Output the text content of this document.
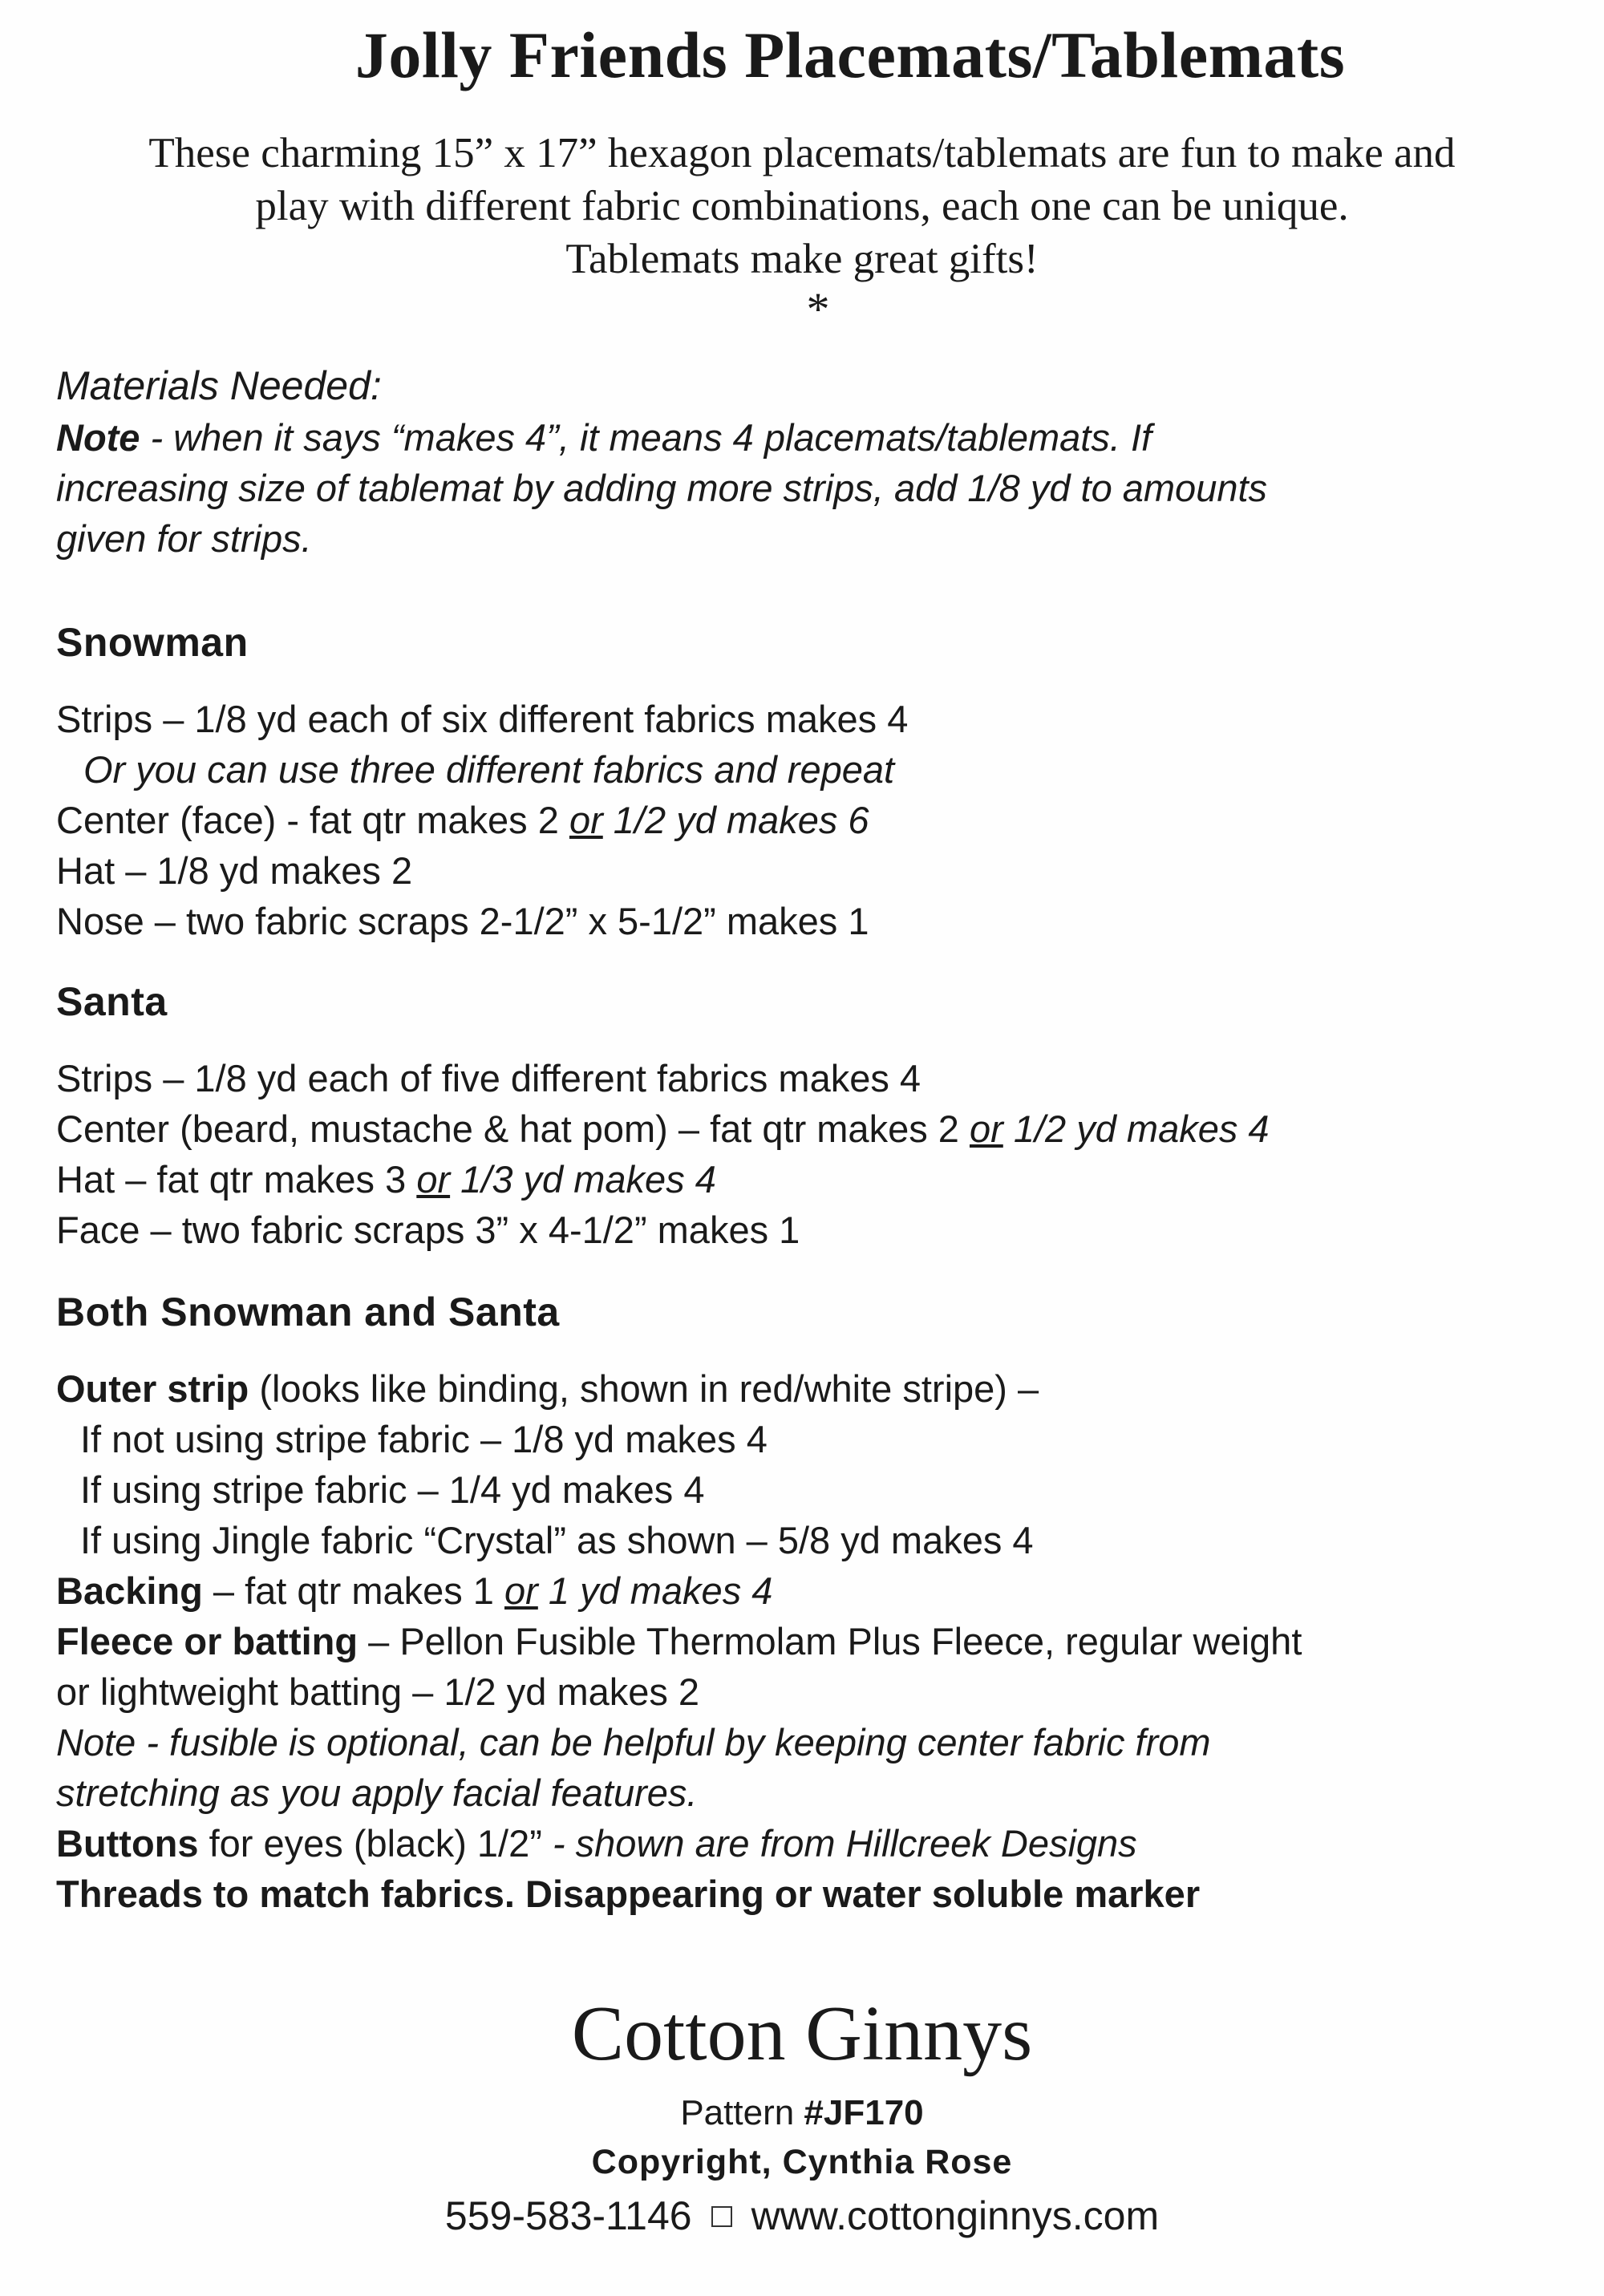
Jolly Friends Placemats/Tablemats
These charming 15” x 17” hexagon placemats/tablemats are fun to make and
play with different fabric combinations, each one can be unique.
Tablemats make great gifts!
*
Materials Needed:
Note - when it says “makes 4”, it means 4 placemats/tablemats. If
increasing size of tablemat by adding more strips, add 1/8 yd to amounts
given for strips.
Snowman
Strips – 1/8 yd each of six different fabrics makes 4
Or you can use three different fabrics and repeat
Center (face) - fat qtr makes 2 or 1/2 yd makes 6
Hat – 1/8 yd makes 2
Nose – two fabric scraps 2-1/2” x 5-1/2” makes 1
Santa
Strips – 1/8 yd each of five different fabrics makes 4
Center (beard, mustache & hat pom) – fat qtr makes 2 or 1/2 yd makes 4
Hat – fat qtr makes 3 or 1/3 yd makes 4
Face – two fabric scraps 3” x 4-1/2” makes 1
Both Snowman and Santa
Outer strip (looks like binding, shown in red/white stripe) –
If not using stripe fabric – 1/8 yd makes 4
If using stripe fabric – 1/4 yd makes 4
If using Jingle fabric “Crystal” as shown – 5/8 yd makes 4
Backing – fat qtr makes 1 or 1 yd makes 4
Fleece or batting – Pellon Fusible Thermolam Plus Fleece, regular weight
or lightweight batting – 1/2 yd makes 2
Note - fusible is optional, can be helpful by keeping center fabric from
stretching as you apply facial features.
Buttons for eyes (black) 1/2” - shown are from Hillcreek Designs
Threads to match fabrics. Disappearing or water soluble marker
Cotton Ginnys
Pattern #JF170
Copyright, Cynthia Rose
559-583-1146 www.cottonginnys.com
